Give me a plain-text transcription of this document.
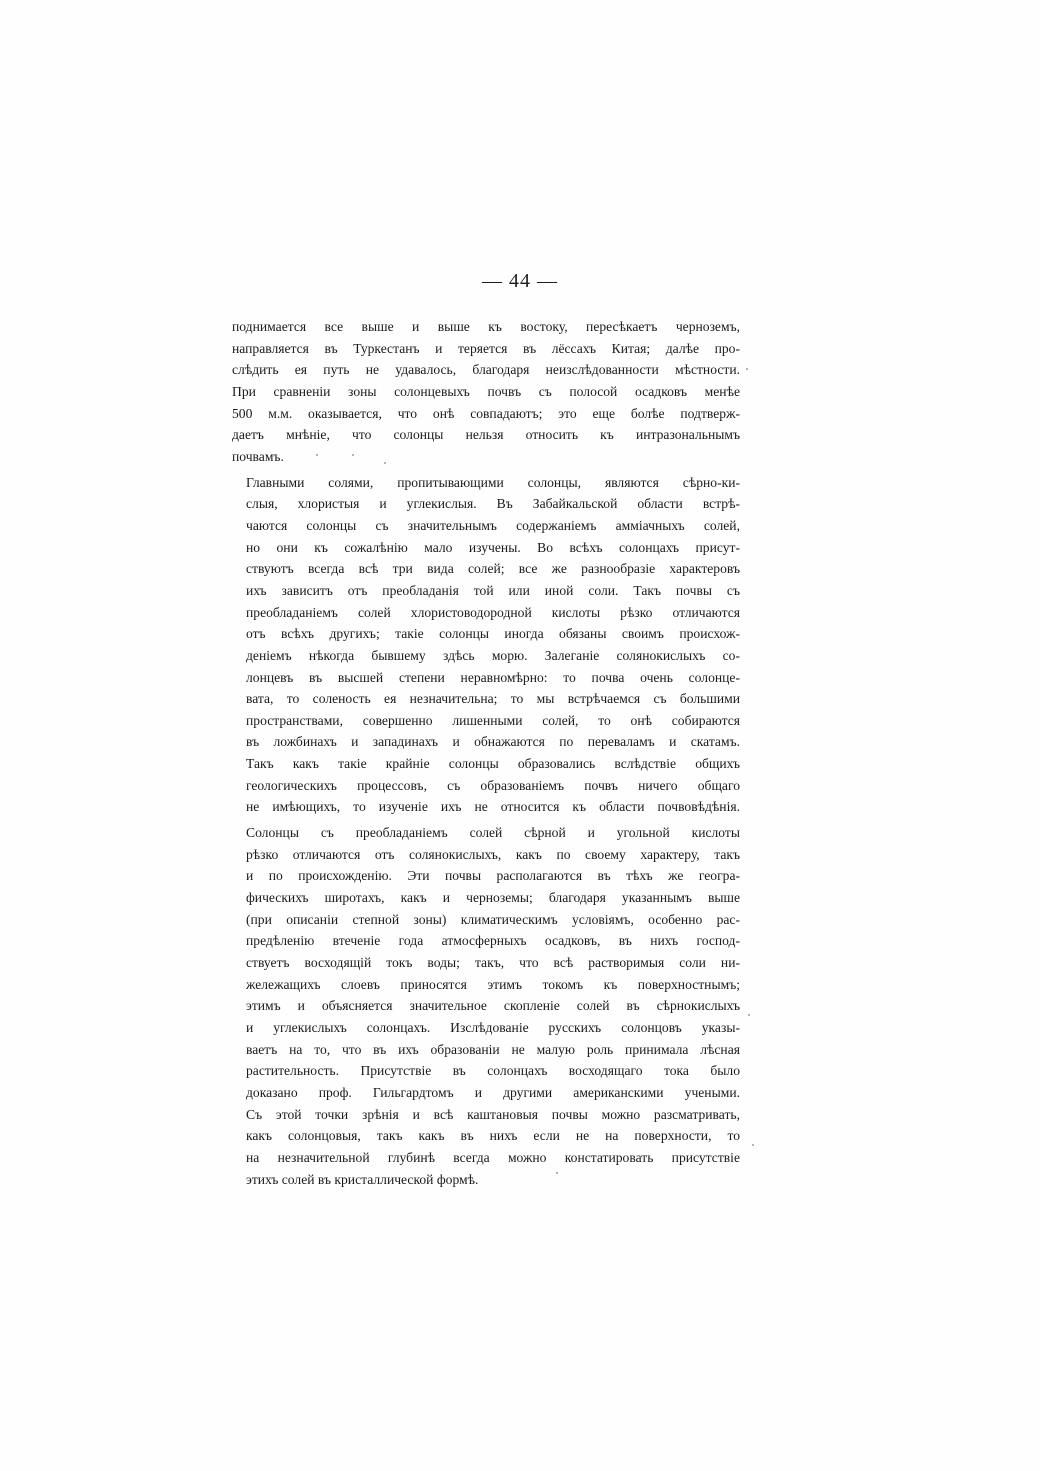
— 44 —
поднимается все выше и выше къ востоку, пересѣкаетъ черноземъ,
направляется въ Туркестанъ и теряется въ лёссахъ Китая; далѣе про-
слѣдить ея путь не удавалось, благодаря неизслѣдованности мѣстности.
При сравненіи зоны солонцевыхъ почвъ съ полосой осадковъ менѣе
500 м.м. оказывается, что онѣ совпадаютъ; это еще болѣе подтверж-
даетъ мнѣніе, что солонцы нельзя относить къ интразональнымъ
почвамъ.
Главными солями, пропитывающими солонцы, являются сѣрно-ки-
слыя, хлористыя и углекислыя. Въ Забайкальской области встрѣ-
чаются солонцы съ значительнымъ содержаніемъ аммiачныхъ солей,
но они къ сожалѣнію мало изучены. Во всѣхъ солонцахъ присут-
ствуютъ всегда всѣ три вида солей; все же разнообразіе характеровъ
ихъ зависитъ отъ преобладанія той или иной соли. Такъ почвы съ
преобладаніемъ солей хлористоводородной кислоты рѣзко отличаются
отъ всѣхъ другихъ; такіе солонцы иногда обязаны своимъ происхож-
деніемъ нѣкогда бывшему здѣсь морю. Залеганіе солянокислыхъ со-
лонцевъ въ высшей степени неравномѣрно: то почва очень солонце-
вата, то соленость ея незначительна; то мы встрѣчаемся съ большими
пространствами, совершенно лишенными солей, то онѣ собираются
въ ложбинахъ и западинахъ и обнажаются по переваламъ и скатамъ.
Такъ какъ такіе крайніе солонцы образовались вслѣдствіе общихъ
геологическихъ процессовъ, съ образованіемъ почвъ ничего общаго
не имѣющихъ, то изученіе ихъ не относится къ области почвовѣдѣнія.
Солонцы съ преобладаніемъ солей сѣрной и угольной кислоты
рѣзко отличаются отъ солянокислыхъ, какъ по своему характеру, такъ
и по происхожденію. Эти почвы располагаются въ тѣхъ же геогра-
фическихъ широтахъ, какъ и черноземы; благодаря указаннымъ выше
(при описаніи степной зоны) климатическимъ условіямъ, особенно рас-
предѣленію втеченіе года атмосферныхъ осадковъ, въ нихъ господ-
ствуетъ восходящій токъ воды; такъ, что всѣ растворимыя соли ни-
жележащихъ слоевъ приносятся этимъ токомъ къ поверхностнымъ;
этимъ и объясняется значительное скопленіе солей въ сѣрнокислыхъ
и углекислыхъ солонцахъ. Изслѣдованіе русскихъ солонцовъ указы-
ваетъ на то, что въ ихъ образованіи не малую роль принимала лѣсная
растительность. Присутствіе въ солонцахъ восходящаго тока было
доказано проф. Гильгардтомъ и другими американскими учеными.
Съ этой точки зрѣнія и всѣ каштановыя почвы можно разсматривать,
какъ солонцовыя, такъ какъ въ нихъ если не на поверхности, то
на незначительной глубинѣ всегда можно констатировать присутствіе
этихъ солей въ кристаллической формѣ.
